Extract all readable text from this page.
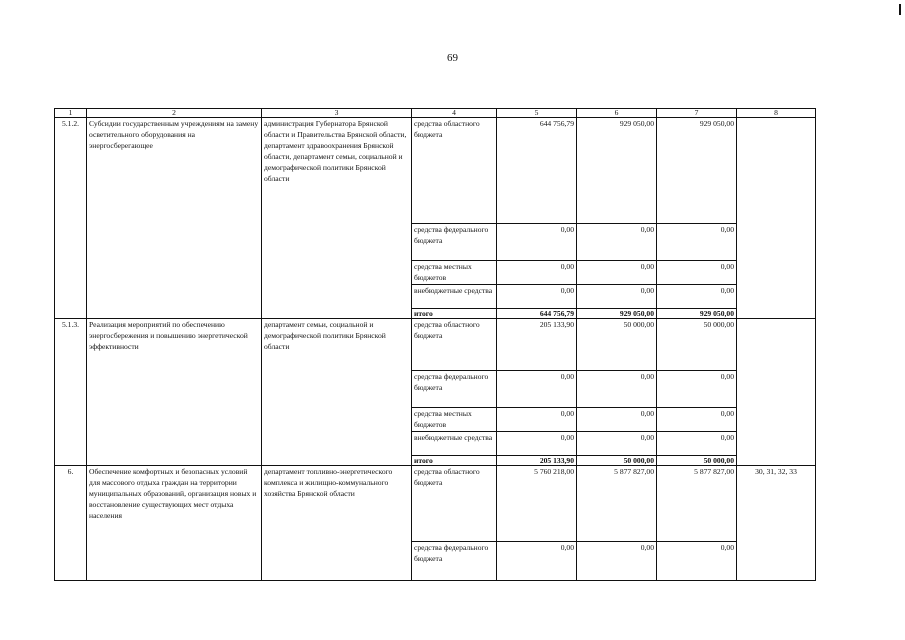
69
1	2	3	4	5	6	7	8
5.1.2.	Субсидии государственным учреждениям на замену осветительного оборудования на энергосберегающее	администрация Губернатора Брянской области и Правительства Брянской области, департамент здравоохранения Брянской области, департамент семьи, социальной и демографической политики Брянской области	средства областного бюджета	644 756,79	929 050,00	929 050,00	
			средства федерального бюджета	0,00	0,00	0,00	
			средства местных бюджетов	0,00	0,00	0,00	
			внебюджетные средства	0,00	0,00	0,00	
			итого	644 756,79	929 050,00	929 050,00	
5.1.3.	Реализация мероприятий по обеспечению энергосбережения и повышению энергетической эффективности	департамент семьи, социальной и демографической политики Брянской области	средства областного бюджета	205 133,90	50 000,00	50 000,00	
			средства федерального бюджета	0,00	0,00	0,00	
			средства местных бюджетов	0,00	0,00	0,00	
			внебюджетные средства	0,00	0,00	0,00	
			итого	205 133,90	50 000,00	50 000,00	
6.	Обеспечение комфортных и безопасных условий для массового отдыха граждан на территории муниципальных образований, организация новых и восстановление существующих мест отдыха населения	департамент топливно-энергетического комплекса и жилищно-коммунального хозяйства Брянской области	средства областного бюджета	5 760 218,00	5 877 827,00	5 877 827,00	30, 31, 32, 33
			средства федерального бюджета	0,00	0,00	0,00	
